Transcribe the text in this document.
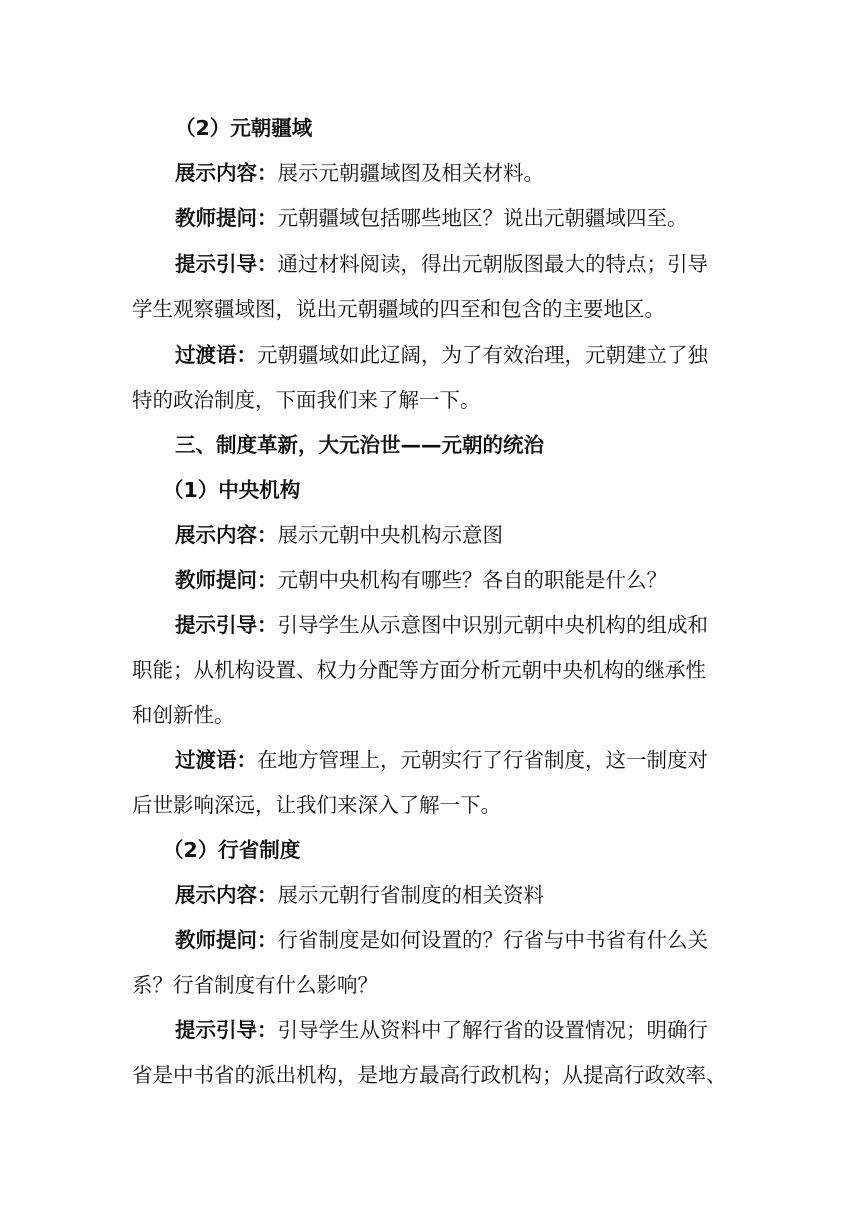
（2）元朝疆域
展示内容：展示元朝疆域图及相关材料。
教师提问：元朝疆域包括哪些地区？说出元朝疆域四至。
提示引导：通过材料阅读，得出元朝版图最大的特点；引导
学生观察疆域图，说出元朝疆域的四至和包含的主要地区。
过渡语：元朝疆域如此辽阔，为了有效治理，元朝建立了独
特的政治制度，下面我们来了解一下。
三、制度革新，大元治世——元朝的统治
（1）中央机构
展示内容：展示元朝中央机构示意图
教师提问：元朝中央机构有哪些？各自的职能是什么？
提示引导：引导学生从示意图中识别元朝中央机构的组成和
职能；从机构设置、权力分配等方面分析元朝中央机构的继承性
和创新性。
过渡语：在地方管理上，元朝实行了行省制度，这一制度对
后世影响深远，让我们来深入了解一下。
（2）行省制度
展示内容：展示元朝行省制度的相关资料
教师提问：行省制度是如何设置的？行省与中书省有什么关
系？行省制度有什么影响？
提示引导：引导学生从资料中了解行省的设置情况；明确行
省是中书省的派出机构，是地方最高行政机构；从提高行政效率、
